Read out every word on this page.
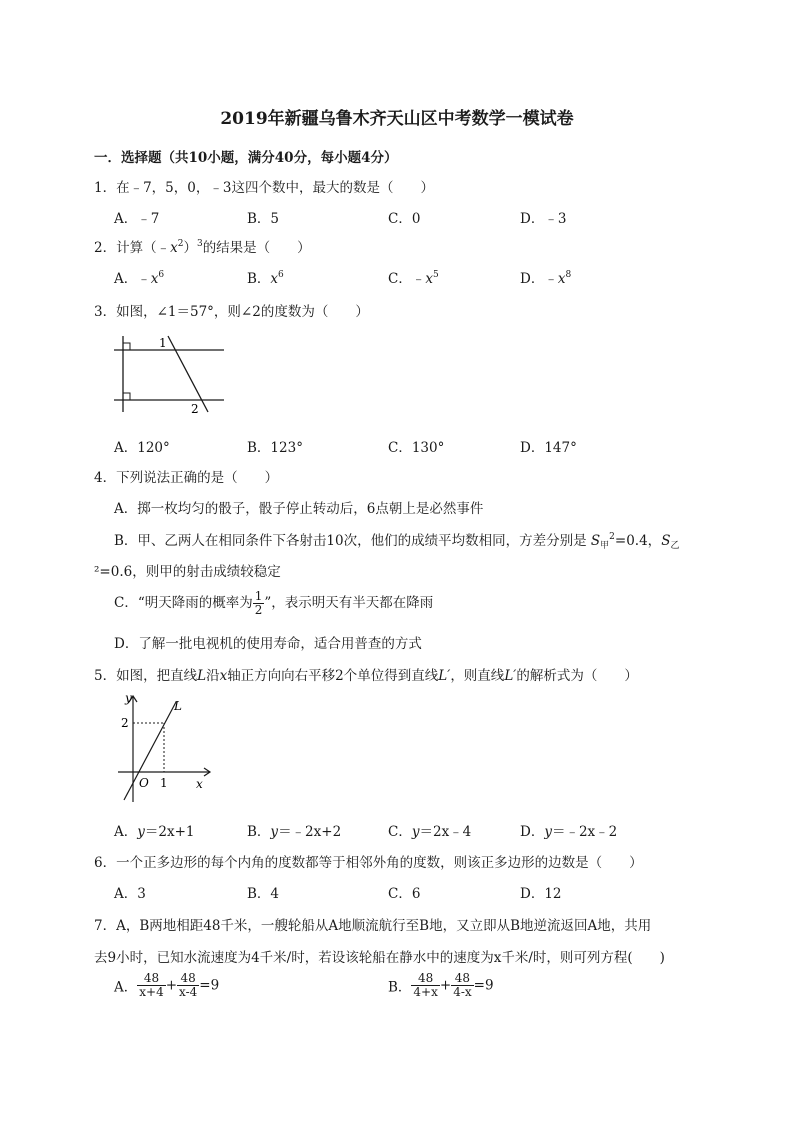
2019年新疆乌鲁木齐天山区中考数学一模试卷
一．选择题（共10小题，满分40分，每小题4分）
1．在﹣7，5，0，﹣3这四个数中，最大的数是（　　）
A．﹣7	B．5	C．0	D．﹣3
2．计算$(﹣x^2)^3$的结果是（　　）
A．$﹣x^6$	B．$x^6$	C．$﹣x^5$	D．$﹣x^8$
3．如图，∠1＝57°，则∠2的度数为（　　）
1
2
A．120°	B．123°	C．130°	D．147°
4．下列说法正确的是（　　）
A．掷一枚均匀的骰子，骰子停止转动后，6点朝上是必然事件
B．甲、乙两人在相同条件下各射击10次，他们的成绩平均数相同，方差分别是 $S_甲^2=0.4$，$S_乙$
²=0.6，则甲的射击成绩较稳定
C．“明天降雨的概率为 $\frac{1}{2}$ ”，表示明天有半天都在降雨
D．了解一批电视机的使用寿命，适合用普查的方式
5．如图，把直线L沿x轴正方向向右平移2个单位得到直线L′，则直线L′的解析式为（　　）
y
x
L
O 1
2
A．y＝2x+1	B．y＝﹣2x+2	C．y＝2x﹣4	D．y＝﹣2x﹣2
6．一个正多边形的每个内角的度数都等于相邻外角的度数，则该正多边形的边数是（　　）
A．3	B．4	C．6	D．12
7．A，B两地相距48千米，一艘轮船从A地顺流航行至B地，又立即从B地逆流返回A地，共用
去9小时，已知水流速度为4千米/时，若设该轮船在静水中的速度为x千米/时，则可列方程(　　)
A． $\frac{48}{x+4} + \frac{48}{x-4} =9$	B． $\frac{48}{4+x} + \frac{48}{4-x} =9$
